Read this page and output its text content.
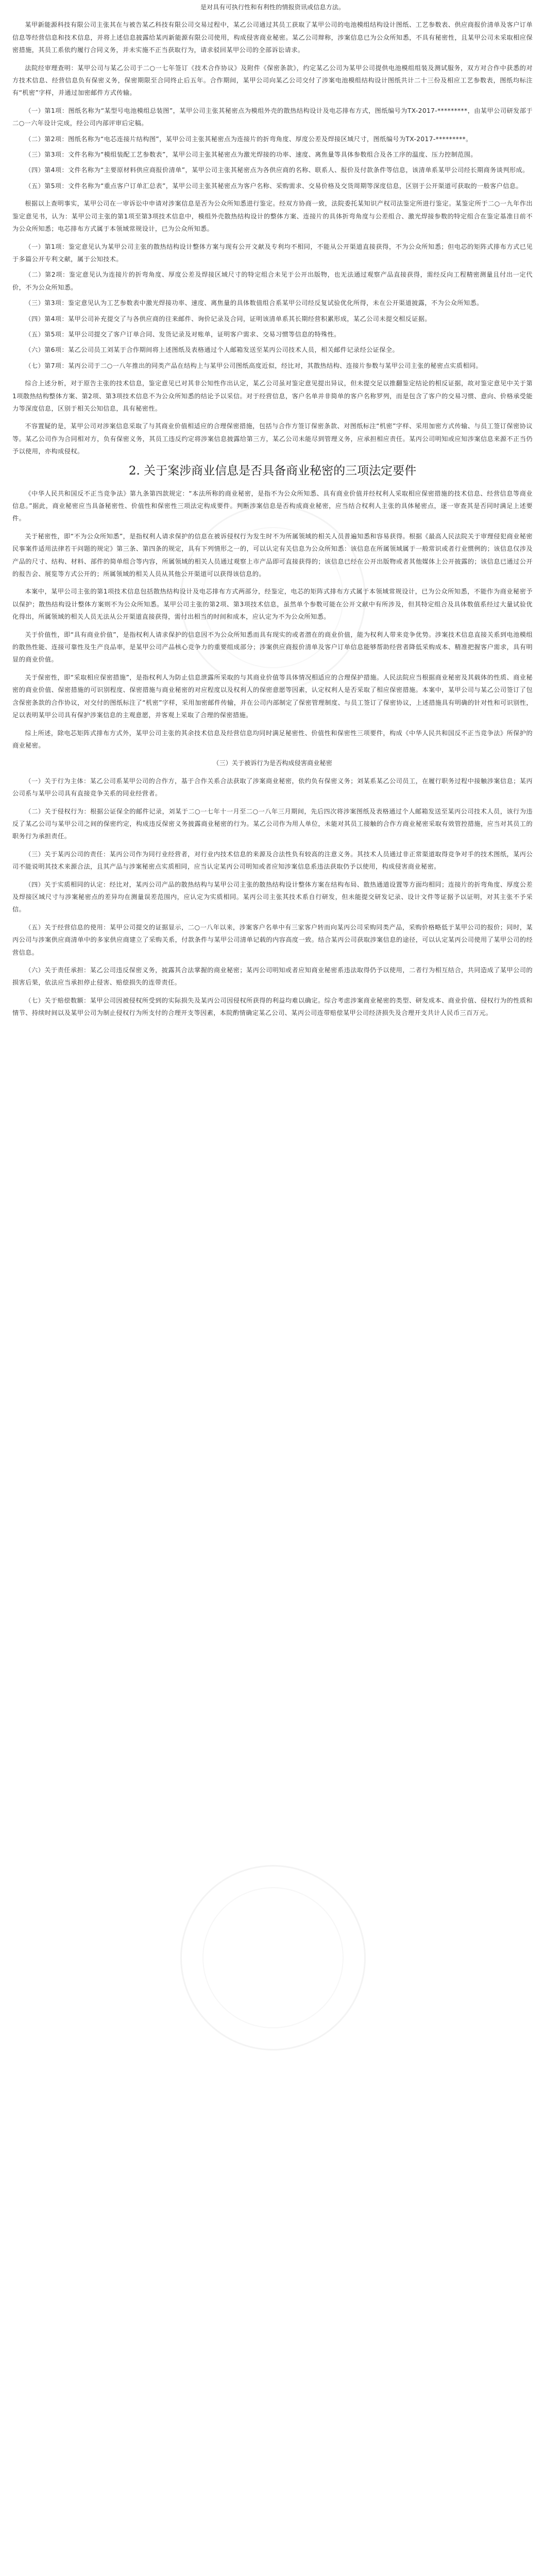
是对具有可执行性和有利性的情报资讯或信息方法。

某甲新能源科技有限公司主张其在与被告某乙科技有限公司交易过程中，某乙公司通过其员工获取了某甲公司的电池模组结构设计图纸、工艺参数表、供应商报价清单及客户订单信息等经营信息和技术信息，并将上述信息披露给某丙新能源有限公司使用，构成侵害商业秘密。某乙公司辩称，涉案信息已为公众所知悉，不具有秘密性，且某甲公司未采取相应保密措施，其员工系依约履行合同义务，并未实施不正当获取行为，请求驳回某甲公司的全部诉讼请求。

法院经审理查明：某甲公司与某乙公司于二○一七年签订《技术合作协议》及附件《保密条款》，约定某乙公司为某甲公司提供电池模组组装及测试服务，双方对合作中获悉的对方技术信息、经营信息负有保密义务，保密期限至合同终止后五年。合作期间，某甲公司向某乙公司交付了涉案电池模组结构设计图纸共计二十三份及相应工艺参数表，图纸均标注有“机密”字样，并通过加密邮件方式传输。

（一）第1项：图纸名称为“某型号电池模组总装图”，某甲公司主张其秘密点为模组外壳的散热结构设计及电芯排布方式，图纸编号为TX-2017-*********，由某甲公司研发部于二○一六年设计完成，经公司内部评审后定稿。

（二）第2项：图纸名称为“电芯连接片结构图”，某甲公司主张其秘密点为连接片的折弯角度、厚度公差及焊接区域尺寸，图纸编号为TX-2017-*********。

（三）第3项：文件名称为“模组装配工艺参数表”，某甲公司主张其秘密点为激光焊接的功率、速度、离焦量等具体参数组合及各工序的温度、压力控制范围。

（四）第4项：文件名称为“主要原材料供应商报价清单”，某甲公司主张其秘密点为各供应商的名称、联系人、报价及付款条件等信息，该清单系某甲公司经长期商务谈判形成。

（五）第5项：文件名称为“重点客户订单汇总表”，某甲公司主张其秘密点为客户名称、采购需求、交易价格及交货周期等深度信息，区别于公开渠道可获取的一般客户信息。

根据以上查明事实，某甲公司在一审诉讼中申请对涉案信息是否为公众所知悉进行鉴定。经双方协商一致，法院委托某知识产权司法鉴定所进行鉴定。某鉴定所于二○一九年作出鉴定意见书，认为：某甲公司主张的第1项至第3项技术信息中，模组外壳散热结构设计的整体方案、连接片的具体折弯角度与公差组合、激光焊接参数的特定组合在鉴定基准日前不为公众所知悉；电芯排布方式属于本领域常规设计，已为公众所知悉。

（一）第1项：鉴定意见认为某甲公司主张的散热结构设计整体方案与现有公开文献及专利均不相同，不能从公开渠道直接获得，不为公众所知悉；但电芯的矩阵式排布方式已见于多篇公开专利文献，属于公知技术。

（二）第2项：鉴定意见认为连接片的折弯角度、厚度公差及焊接区域尺寸的特定组合未见于公开出版物，也无法通过观察产品直接获得，需经反向工程精密测量且付出一定代价，不为公众所知悉。

（三）第3项：鉴定意见认为工艺参数表中激光焊接功率、速度、离焦量的具体数值组合系某甲公司经反复试验优化所得，未在公开渠道披露，不为公众所知悉。

（四）第4项：某甲公司补充提交了与各供应商的往来邮件、询价记录及合同，证明该清单系其长期经营积累形成，某乙公司未提交相反证据。

（五）第5项：某甲公司提交了客户订单合同、发货记录及对账单，证明客户需求、交易习惯等信息的特殊性。

（六）第6项：某乙公司员工刘某于合作期间将上述图纸及表格通过个人邮箱发送至某丙公司技术人员，相关邮件记录经公证保全。

（七）第7项：某丙公司于二○一八年推出的同类产品在结构上与某甲公司图纸高度近似，经比对，其散热结构、连接片参数与某甲公司主张的秘密点实质相同。

综合上述分析，对于原告主张的技术信息，鉴定意见已对其非公知性作出认定，某乙公司虽对鉴定意见提出异议，但未提交足以推翻鉴定结论的相反证据，故对鉴定意见中关于第1项散热结构整体方案、第2项、第3项技术信息不为公众所知悉的结论予以采信。对于经营信息，客户名单并非简单的客户名称罗列，而是包含了客户的交易习惯、意向、价格承受能力等深度信息，区别于相关公知信息，具有秘密性。

不容置疑的是，某甲公司对涉案信息采取了与其商业价值相适应的合理保密措施，包括与合作方签订保密条款、对图纸标注“机密”字样、采用加密方式传输、与员工签订保密协议等。某乙公司作为合同相对方，负有保密义务，其员工违反约定将涉案信息披露给第三方，某乙公司未能尽到管理义务，应承担相应责任。某丙公司明知或应知涉案信息来源不正当仍予以使用，亦构成侵权。

2. 关于案涉商业信息是否具备商业秘密的三项法定要件

《中华人民共和国反不正当竞争法》第九条第四款规定：“本法所称的商业秘密，是指不为公众所知悉、具有商业价值并经权利人采取相应保密措施的技术信息、经营信息等商业信息。”据此，商业秘密应当具备秘密性、价值性和保密性三项法定构成要件。判断涉案信息是否构成商业秘密，应当结合权利人主张的具体秘密点，逐一审查其是否同时满足上述要件。

关于秘密性，即“不为公众所知悉”，是指权利人请求保护的信息在被诉侵权行为发生时不为所属领域的相关人员普遍知悉和容易获得。根据《最高人民法院关于审理侵犯商业秘密民事案件适用法律若干问题的规定》第三条、第四条的规定，具有下列情形之一的，可以认定有关信息为公众所知悉：该信息在所属领域属于一般常识或者行业惯例的；该信息仅涉及产品的尺寸、结构、材料、部件的简单组合等内容，所属领域的相关人员通过观察上市产品即可直接获得的；该信息已经在公开出版物或者其他媒体上公开披露的；该信息已通过公开的报告会、展览等方式公开的；所属领域的相关人员从其他公开渠道可以获得该信息的。

本案中，某甲公司主张的第1项技术信息包括散热结构设计及电芯排布方式两部分，经鉴定，电芯的矩阵式排布方式属于本领域常规设计，已为公众所知悉，不能作为商业秘密予以保护；散热结构设计整体方案则不为公众所知悉。某甲公司主张的第2项、第3项技术信息，虽然单个参数可能在公开文献中有所涉及，但其特定组合及具体数值系经过大量试验优化得出，所属领域的相关人员无法从公开渠道直接获得，需付出相当的时间和成本，应认定为不为公众所知悉。

关于价值性，即“具有商业价值”，是指权利人请求保护的信息因不为公众所知悉而具有现实的或者潜在的商业价值，能为权利人带来竞争优势。涉案技术信息直接关系到电池模组的散热性能、连接可靠性及生产良品率，是某甲公司产品核心竞争力的重要组成部分；涉案供应商报价清单及客户订单信息能够帮助经营者降低采购成本、精准把握客户需求，具有明显的商业价值。

关于保密性，即“采取相应保密措施”，是指权利人为防止信息泄露所采取的与其商业价值等具体情况相适应的合理保护措施。人民法院应当根据商业秘密及其载体的性质、商业秘密的商业价值、保密措施的可识别程度、保密措施与商业秘密的对应程度以及权利人的保密意愿等因素，认定权利人是否采取了相应保密措施。本案中，某甲公司与某乙公司签订了包含保密条款的合作协议，对交付的图纸标注了“机密”字样，采用加密邮件传输，并在公司内部制定了保密管理制度、与员工签订了保密协议，上述措施具有明确的针对性和可识别性，足以表明某甲公司具有保护涉案信息的主观意愿，并客观上采取了合理的保密措施。

综上所述，除电芯矩阵式排布方式外，某甲公司主张的其余技术信息及经营信息均同时满足秘密性、价值性和保密性三项要件，构成《中华人民共和国反不正当竞争法》所保护的商业秘密。

（三）关于被诉行为是否构成侵害商业秘密

（一）关于行为主体：某乙公司系某甲公司的合作方，基于合作关系合法获取了涉案商业秘密，依约负有保密义务；刘某系某乙公司员工，在履行职务过程中接触涉案信息；某丙公司系与某甲公司具有直接竞争关系的同业经营者。

（二）关于侵权行为：根据公证保全的邮件记录，刘某于二○一七年十一月至二○一八年三月期间，先后四次将涉案图纸及表格通过个人邮箱发送至某丙公司技术人员，该行为违反了某乙公司与某甲公司之间的保密约定，构成违反保密义务披露商业秘密的行为。某乙公司作为用人单位，未能对其员工接触的合作方商业秘密采取有效管控措施，应当对其员工的职务行为承担责任。

（三）关于某丙公司的责任：某丙公司作为同行业经营者，对行业内技术信息的来源及合法性负有较高的注意义务。其技术人员通过非正常渠道取得竞争对手的技术图纸，某丙公司不能说明其技术来源合法，且其产品与涉案秘密点实质相同，应当认定某丙公司明知或者应知涉案信息系违法获取仍予以使用，构成侵害商业秘密。

（四）关于实质相同的认定：经比对，某丙公司产品的散热结构与某甲公司主张的散热结构设计整体方案在结构布局、散热通道设置等方面均相同；连接片的折弯角度、厚度公差及焊接区域尺寸与涉案秘密点的差异均在测量误差范围内，应认定为实质相同。某丙公司主张其技术系自行研发，但未能提交研发记录、设计文件等证据予以证明，对其主张不予采信。

（五）关于经营信息的使用：某甲公司提交的证据显示，二○一八年以来，涉案客户名单中有三家客户转而向某丙公司采购同类产品，采购价格略低于某甲公司的报价；同时，某丙公司与涉案供应商清单中的多家供应商建立了采购关系，付款条件与某甲公司清单记载的内容高度一致。结合某丙公司获取涉案信息的途径，可以认定某丙公司使用了某甲公司的经营信息。

（六）关于责任承担：某乙公司违反保密义务，披露其合法掌握的商业秘密；某丙公司明知或者应知商业秘密系违法取得仍予以使用，二者行为相互结合，共同造成了某甲公司的损害后果，依法应当承担停止侵害、赔偿损失的连带责任。

（七）关于赔偿数额：某甲公司因被侵权所受到的实际损失及某丙公司因侵权所获得的利益均难以确定。综合考虑涉案商业秘密的类型、研发成本、商业价值、侵权行为的性质和情节、持续时间以及某甲公司为制止侵权行为所支付的合理开支等因素，本院酌情确定某乙公司、某丙公司连带赔偿某甲公司经济损失及合理开支共计人民币三百万元。
